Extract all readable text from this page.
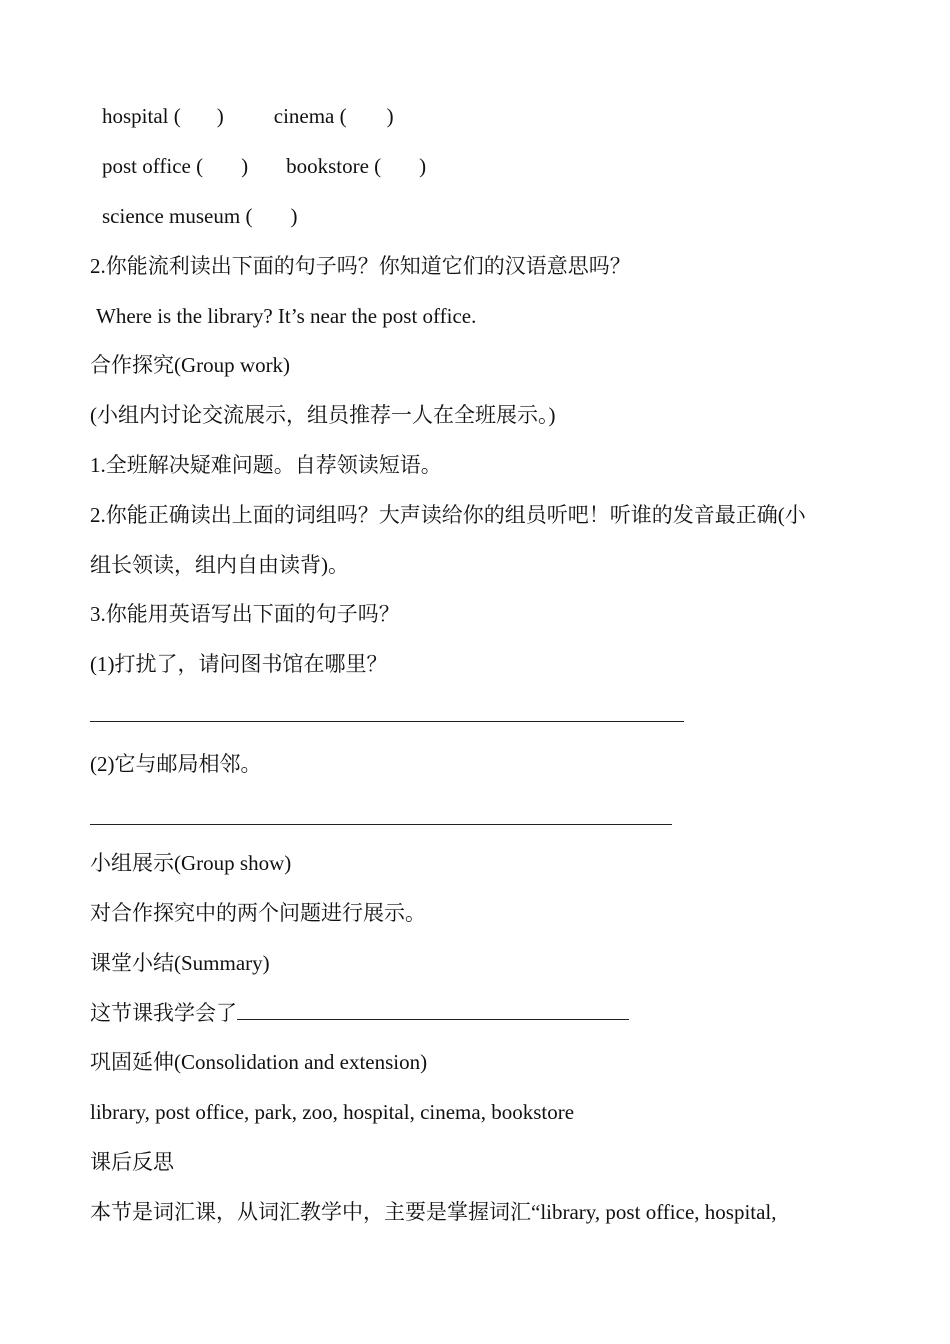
hospital ( ) cinema ( )
post office ( ) bookstore ( )
science museum ( )
2.你能流利读出下面的句子吗？你知道它们的汉语意思吗？
Where is the library? It’s near the post office.
合作探究(Group work)
(小组内讨论交流展示，组员推荐一人在全班展示。)
1.全班解决疑难问题。自荐领读短语。
2.你能正确读出上面的词组吗？大声读给你的组员听吧！听谁的发音最正确(小
组长领读，组内自由读背)。
3.你能用英语写出下面的句子吗？
(1)打扰了，请问图书馆在哪里？
(2)它与邮局相邻。
小组展示(Group show)
对合作探究中的两个问题进行展示。
课堂小结(Summary)
这节课我学会了
巩固延伸(Consolidation and extension)
library, post office, park, zoo, hospital, cinema, bookstore
课后反思
本节是词汇课，从词汇教学中，主要是掌握词汇“library, post office, hospital,
